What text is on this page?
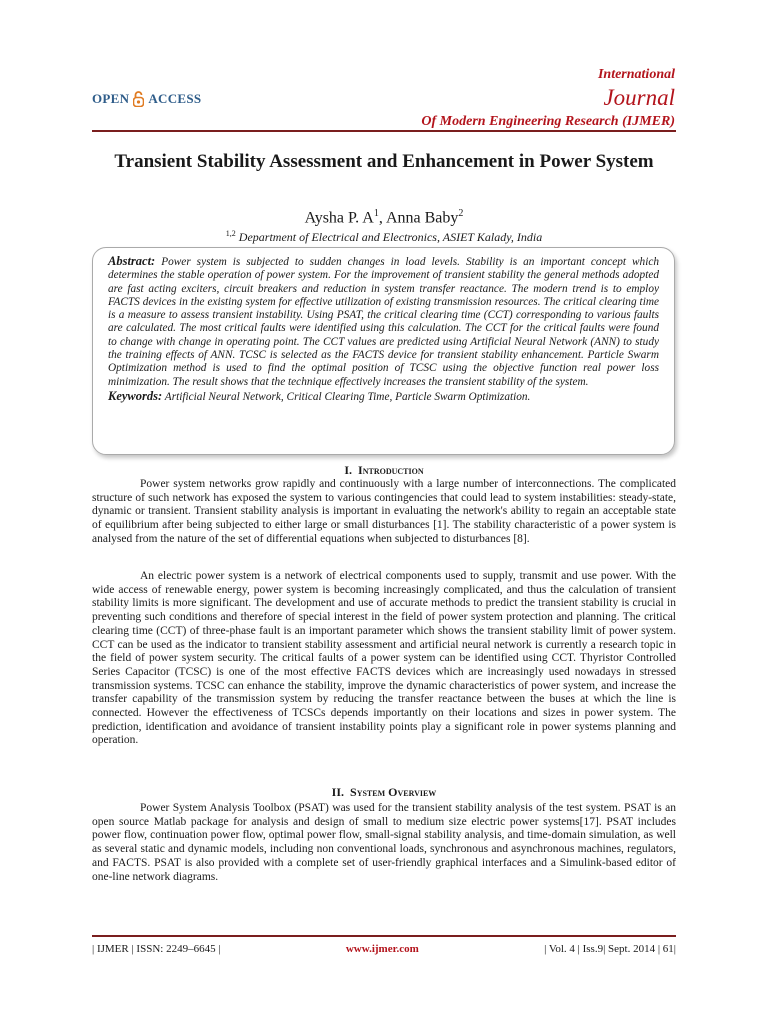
OPEN ACCESS
International
Journal
Of Modern Engineering Research (IJMER)
Transient Stability Assessment and Enhancement in Power System
Aysha P. $A^1$, Anna Baby$^2$
$^{1,2}$ Department of Electrical and Electronics, ASIET Kalady, India
Abstract: Power system is subjected to sudden changes in load levels. Stability is an important concept which determines the stable operation of power system. For the improvement of transient stability the general methods adopted are fast acting exciters, circuit breakers and reduction in system transfer reactance. The modern trend is to employ FACTS devices in the existing system for effective utilization of existing transmission resources. The critical clearing time is a measure to assess transient instability. Using PSAT, the critical clearing time (CCT) corresponding to various faults are calculated. The most critical faults were identified using this calculation. The CCT for the critical faults were found to change with change in operating point. The CCT values are predicted using Artificial Neural Network (ANN) to study the training effects of ANN. TCSC is selected as the FACTS device for transient stability enhancement. Particle Swarm Optimization method is used to find the optimal position of TCSC using the objective function real power loss minimization. The result shows that the technique effectively increases the transient stability of the system.
Keywords: Artificial Neural Network, Critical Clearing Time, Particle Swarm Optimization.
I. Introduction

Power system networks grow rapidly and continuously with a large number of interconnections. The complicated structure of such network has exposed the system to various contingencies that could lead to system instabilities: steady-state, dynamic or transient. Transient stability analysis is important in evaluating the network's ability to regain an acceptable state of equilibrium after being subjected to either large or small disturbances [1]. The stability characteristic of a power system is analysed from the nature of the set of differential equations when subjected to disturbances [8].

An electric power system is a network of electrical components used to supply, transmit and use power. With the wide access of renewable energy, power system is becoming increasingly complicated, and thus the calculation of transient stability limits is more significant. The development and use of accurate methods to predict the transient stability is crucial in preventing such conditions and therefore of special interest in the field of power system protection and planning. The critical clearing time (CCT) of three-phase fault is an important parameter which shows the transient stability limit of power system. CCT can be used as the indicator to transient stability assessment and artificial neural network is currently a research topic in the field of power system security. The critical faults of a power system can be identified using CCT. Thyristor Controlled Series Capacitor (TCSC) is one of the most effective FACTS devices which are increasingly used nowadays in stressed transmission systems. TCSC can enhance the stability, improve the dynamic characteristics of power system, and increase the transfer capability of the transmission system by reducing the transfer reactance between the buses at which the line is connected. However the effectiveness of TCSCs depends importantly on their locations and sizes in power system. The prediction, identification and avoidance of transient instability points play a significant role in power systems planning and operation.

II. System Overview

Power System Analysis Toolbox (PSAT) was used for the transient stability analysis of the test system. PSAT is an open source Matlab package for analysis and design of small to medium size electric power systems[17]. PSAT includes power flow, continuation power flow, optimal power flow, small-signal stability analysis, and time-domain simulation, as well as several static and dynamic models, including non conventional loads, synchronous and asynchronous machines, regulators, and FACTS. PSAT is also provided with a complete set of user-friendly graphical interfaces and a Simulink-based editor of one-line network diagrams.

| IJMER | ISSN: 2249–6645 |	www.ijmer.com	| Vol. 4 | Iss.9| Sept. 2014 | 61|
